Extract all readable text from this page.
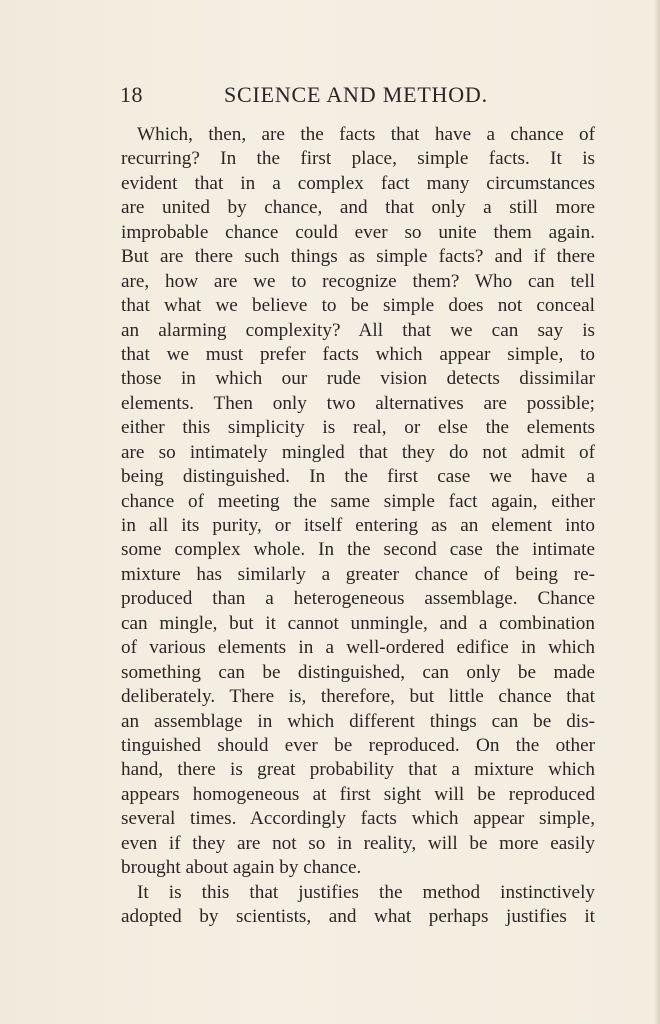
18	SCIENCE AND METHOD.
Which, then, are the facts that have a chance of
recurring? In the first place, simple facts. It is
evident that in a complex fact many circumstances
are united by chance, and that only a still more
improbable chance could ever so unite them again.
But are there such things as simple facts? and if there
are, how are we to recognize them? Who can tell
that what we believe to be simple does not conceal
an alarming complexity? All that we can say is
that we must prefer facts which appear simple, to
those in which our rude vision detects dissimilar
elements. Then only two alternatives are possible;
either this simplicity is real, or else the elements
are so intimately mingled that they do not admit of
being distinguished. In the first case we have a
chance of meeting the same simple fact again, either
in all its purity, or itself entering as an element into
some complex whole. In the second case the intimate
mixture has similarly a greater chance of being re-
produced than a heterogeneous assemblage. Chance
can mingle, but it cannot unmingle, and a combination
of various elements in a well-ordered edifice in which
something can be distinguished, can only be made
deliberately. There is, therefore, but little chance that
an assemblage in which different things can be dis-
tinguished should ever be reproduced. On the other
hand, there is great probability that a mixture which
appears homogeneous at first sight will be reproduced
several times. Accordingly facts which appear simple,
even if they are not so in reality, will be more easily
brought about again by chance.
It is this that justifies the method instinctively
adopted by scientists, and what perhaps justifies it
